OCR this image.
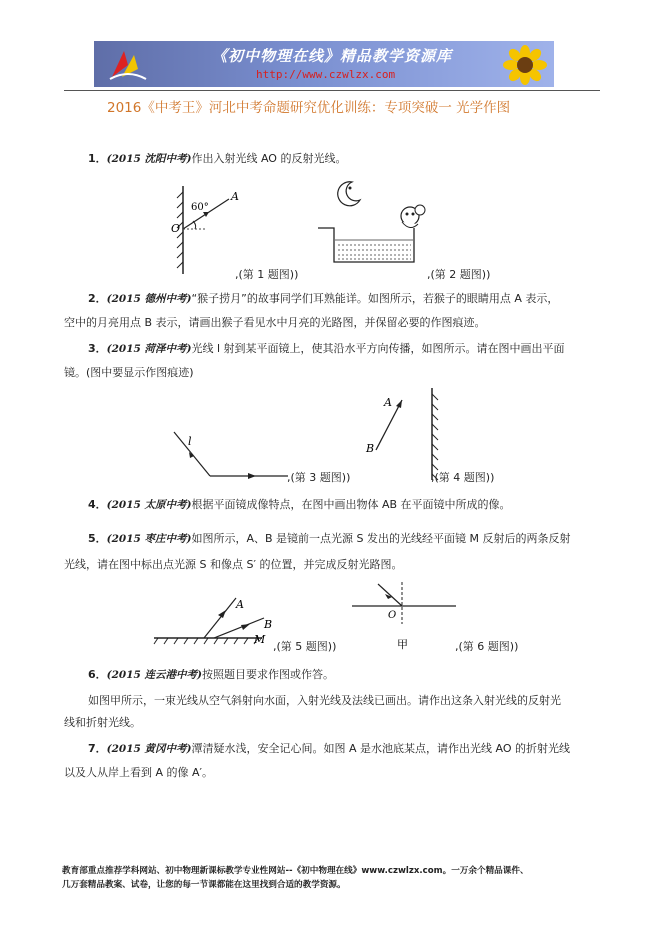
《初中物理在线》精品教学资源库
http://www.czwlzx.com
2016《中考王》河北中考命题研究优化训练：专项突破一 光学作图
1．(2015 沈阳中考)作出入射光线 AO 的反射光线。
60°
A
O
,(第 1 题图))	,(第 2 题图))
2．(2015 德州中考)“猴子捞月”的故事同学们耳熟能详。如图所示，若猴子的眼睛用点 A 表示，
空中的月亮用点 B 表示，请画出猴子看见水中月亮的光路图，并保留必要的作图痕迹。
3．(2015 菏泽中考)光线 l 射到某平面镜上，使其沿水平方向传播，如图所示。请在图中画出平面
镜。(图中要显示作图痕迹)
l
,(第 3 题图))
A
B
,(第 4 题图))
4．(2015 太原中考)根据平面镜成像特点，在图中画出物体 AB 在平面镜中所成的像。
5．(2015 枣庄中考)如图所示，A、B 是镜前一点光源 S 发出的光线经平面镜 M 反射后的两条反射
光线，请在图中标出点光源 S 和像点 S′ 的位置，并完成反射光路图。
A
B
M
,(第 5 题图))
O
甲	,(第 6 题图))
6．(2015 连云港中考)按照题目要求作图或作答。
如图甲所示，一束光线从空气斜射向水面，入射光线及法线已画出。请作出这条入射光线的反射光
线和折射光线。
7．(2015 黄冈中考)潭清疑水浅，安全记心间。如图 A 是水池底某点，请作出光线 AO 的折射光线
以及人从岸上看到 A 的像 A′。
教育部重点推荐学科网站、初中物理新课标教学专业性网站--《初中物理在线》www.czwlzx.com。一万余个精品课件、
几万套精品教案、试卷，让您的每一节课都能在这里找到合适的教学资源。
